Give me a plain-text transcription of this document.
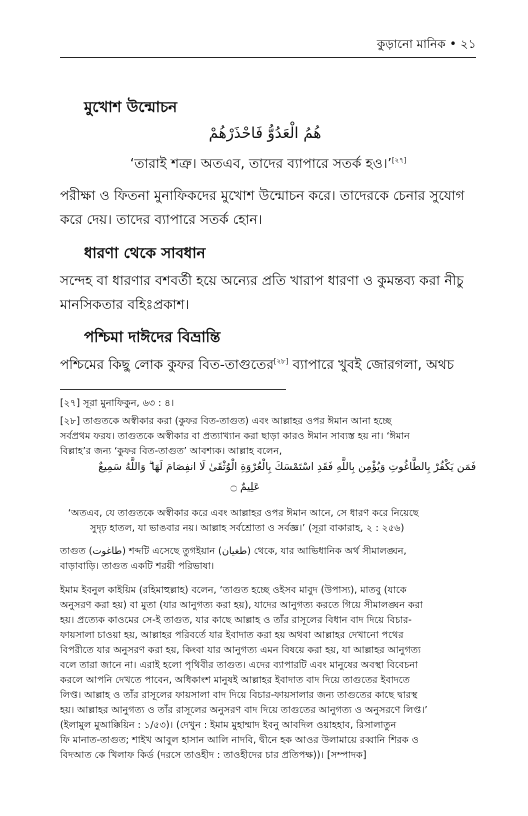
কুড়ানো মানিক • ২১
মুখোশ উন্মোচন
هُمُ الْعَدُوُّ فَاحْذَرْهُمْ
‘তারাই শত্রু। অতএব, তাদের ব্যাপারে সতর্ক হও।’[২৭]
পরীক্ষা ও ফিতনা মুনাফিকদের মুখোশ উন্মোচন করে। তাদেরকে চেনার সুযোগ
করে দেয়। তাদের ব্যাপারে সতর্ক হোন।
ধারণা থেকে সাবধান
সন্দেহ বা ধারণার বশবর্তী হয়ে অন্যের প্রতি খারাপ ধারণা ও কুমন্তব্য করা নীচু
মানসিকতার বহিঃপ্রকাশ।
পশ্চিমা দাঈদের বিভ্রান্তি
পশ্চিমের কিছু লোক কুফর বিত-তাগুতের[২৮] ব্যাপারে খুবই জোরগলা, অথচ
[২৭] সূরা মুনাফিকুন, ৬৩ : ৪।
[২৮] তাগুতকে অস্বীকার করা (কুফর বিত-তাগুত) এবং আল্লাহর ওপর ঈমান আনা হচ্ছে
সর্বপ্রথম ফরয। তাগুতকে অস্বীকার বা প্রত্যাখ্যান করা ছাড়া কারও ঈমান সাব্যস্ত হয় না। ‘ঈমান
বিল্লাহ’র জন্য ‘কুফর বিত-তাগুত’ আবশ্যক। আল্লাহ বলেন,
فَمَن يَكْفُرْ بِالطَّاغُوتِ وَيُؤْمِن بِاللَّهِ فَقَدِ اسْتَمْسَكَ بِالْعُرْوَةِ الْوُثْقَىٰ لَا انفِصَامَ لَهَا ۗ وَاللَّهُ سَمِيعٌ
عَلِيمٌ ۝
‘অতএব, যে তাগুতকে অস্বীকার করে এবং আল্লাহর ওপর ঈমান আনে, সে ধারণ করে নিয়েছে
সুদৃঢ় হাতল, যা ভাঙবার নয়। আল্লাহ সর্বশ্রোতা ও সর্বজ্ঞ।’ (সূরা বাকারাহ, ২ : ২৫৬)
তাগুত (طاغوت) শব্দটি এসেছে তুগইয়ান (طغيان) থেকে, যার আভিধানিক অর্থ সীমালঙ্ঘন,
বাড়াবাড়ি। তাগুত একটি শরয়ী পরিভাষা।
ইমাম ইবনুল কাইয়িম (রহিমাহুল্লাহ) বলেন, ‘তাগুত হচ্ছে ওইসব মাবুদ (উপাস্য), মাতবু (যাকে
অনুসরণ করা হয়) বা মুতা (যার আনুগত্য করা হয়), যাদের আনুগত্য করতে গিয়ে সীমালঙ্ঘন করা
হয়। প্রত্যেক কাওমের সে-ই তাগুত, যার কাছে আল্লাহ ও তাঁর রাসূলের বিধান বাদ দিয়ে বিচার-
ফায়সালা চাওয়া হয়, আল্লাহর পরিবর্তে যার ইবাদাত করা হয় অথবা আল্লাহর দেখানো পথের
বিপরীতে যার অনুসরণ করা হয়, কিংবা যার আনুগত্য এমন বিষয়ে করা হয়, যা আল্লাহর আনুগত্য
বলে তারা জানে না। এরাই হলো পৃথিবীর তাগুত। এদের ব্যাপারটি এবং মানুষের অবস্থা বিবেচনা
করলে আপনি দেখতে পাবেন, অধিকাংশ মানুষই আল্লাহর ইবাদাত বাদ দিয়ে তাগুতের ইবাদতে
লিপ্ত। আল্লাহ ও তাঁর রাসূলের ফায়সালা বাদ দিয়ে বিচার-ফায়সালার জন্য তাগুতের কাছে দ্বারস্থ
হয়। আল্লাহর আনুগত্য ও তাঁর রাসূলের অনুসরণ বাদ দিয়ে তাগুতের আনুগত্য ও অনুসরণে লিপ্ত।’
(ইলামুল মুআক্কিয়িন : ১/৫৩)। (দেখুন : ইমাম মুহাম্মাদ ইবনু আবদিল ওয়াহহাব, রিসালাতুন
ফি মানাত-তাগুত; শাইখ আবুল হাসান আলি নাদবি, দ্বীনে হক আওর উলামায়ে রব্বানি শিরক ও
বিদআত কে খিলাফ কির্ড (দরসে তাওহীদ : তাওহীদের চার প্রতিপক্ষ))। [সম্পাদক]
